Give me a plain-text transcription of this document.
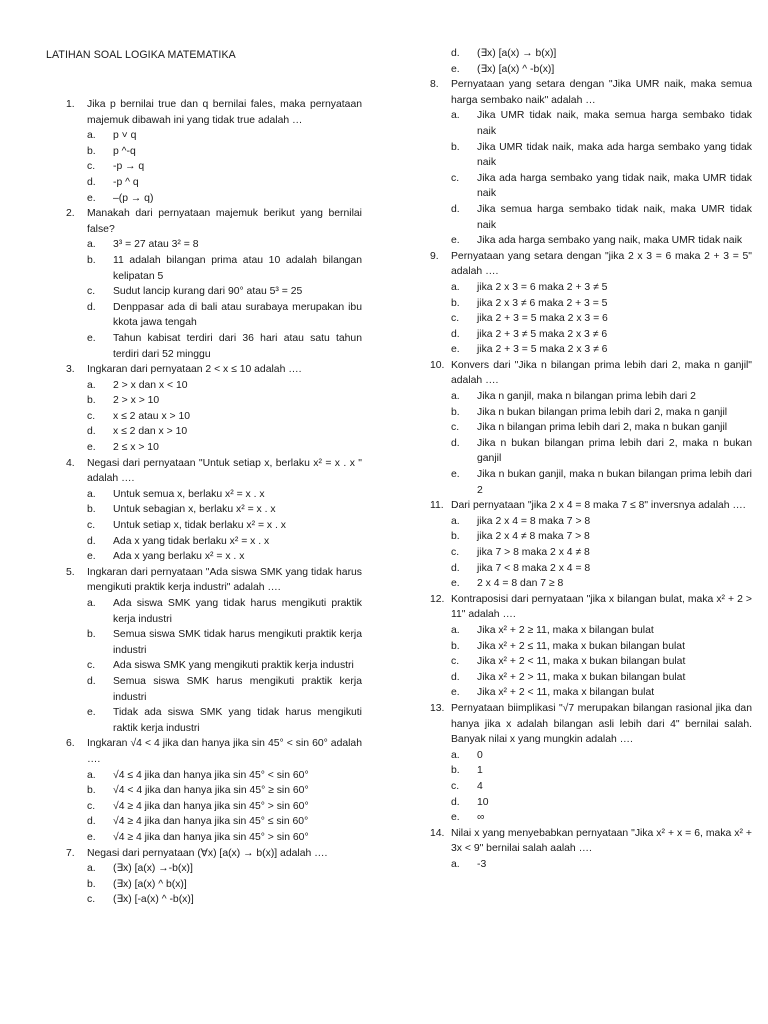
LATIHAN SOAL LOGIKA MATEMATIKA
1. Jika p bernilai true dan q bernilai fales, maka pernyataan majemuk dibawah ini yang tidak true adalah …
a. p ˅ q
b. p ^-q
c. -p → q
d. -p ^ q
e. –(p → q)
2. Manakah dari pernyataan majemuk berikut yang bernilai false?
a. 3³ = 27 atau 3² = 8
b. 11 adalah bilangan prima atau 10 adalah bilangan kelipatan 5
c. Sudut lancip kurang dari 90° atau 5³ = 25
d. Denppasar ada di bali atau surabaya merupakan ibu kkota jawa tengah
e. Tahun kabisat terdiri dari 36 hari atau satu tahun terdiri dari 52 minggu
3. Ingkaran dari pernyataan 2 < x ≤ 10 adalah ….
a. 2 > x dan x < 10
b. 2 > x > 10
c. x ≤ 2 atau x > 10
d. x ≤ 2 dan x > 10
e. 2 ≤ x > 10
4. Negasi dari pernyataan "Untuk setiap x, berlaku x² = x . x " adalah ….
a. Untuk semua x, berlaku x² = x . x
b. Untuk sebagian x, berlaku x² = x . x
c. Untuk setiap x, tidak berlaku x² = x . x
d. Ada x yang tidak berlaku x² = x . x
e. Ada x yang berlaku x² = x . x
5. Ingkaran dari pernyataan "Ada siswa SMK yang tidak harus mengikuti praktik kerja industri" adalah ….
a. Ada siswa SMK yang tidak harus mengikuti praktik kerja industri
b. Semua siswa SMK tidak harus mengikuti praktik kerja industri
c. Ada siswa SMK yang mengikuti praktik kerja industri
d. Semua siswa SMK harus mengikuti praktik kerja industri
e. Tidak ada siswa SMK yang tidak harus mengikuti raktik kerja industri
6. Ingkaran √4 < 4 jika dan hanya jika sin 45° < sin 60° adalah ….
a. √4 ≤ 4 jika dan hanya jika sin 45° < sin 60°
b. √4 < 4 jika dan hanya jika sin 45° ≥ sin 60°
c. √4 ≥ 4 jika dan hanya jika sin 45° > sin 60°
d. √4 ≥ 4 jika dan hanya jika sin 45° ≤ sin 60°
e. √4 ≥ 4 jika dan hanya jika sin 45° > sin 60°
7. Negasi dari pernyataan (∀x) [a(x) → b(x)] adalah ….
a. (∃x) [a(x) →-b(x)]
b. (∃x) [a(x) ^ b(x)]
c. (∃x) [-a(x) ^ -b(x)]
d. (∃x) [a(x) → b(x)]
e. (∃x) [a(x) ^ -b(x)]
8. Pernyataan yang setara dengan "Jika UMR naik, maka semua harga sembako naik" adalah …
a. Jika UMR tidak naik, maka semua harga sembako tidak naik
b. Jika UMR tidak naik, maka ada harga sembako yang tidak naik
c. Jika ada harga sembako yang tidak naik, maka UMR tidak naik
d. Jika semua harga sembako tidak naik, maka UMR tidak naik
e. Jika ada harga sembako yang naik, maka UMR tidak naik
9. Pernyataan yang setara dengan "jika 2 x 3 = 6 maka 2 + 3 = 5" adalah ….
a. jika 2 x 3 = 6 maka 2 + 3 ≠ 5
b. jika 2 x 3 ≠ 6 maka 2 + 3 = 5
c. jika 2 + 3 = 5 maka 2 x 3 = 6
d. jika 2 + 3 ≠ 5 maka 2 x 3 ≠ 6
e. jika 2 + 3 = 5 maka 2 x 3 ≠ 6
10. Konvers dari "Jika n bilangan prima lebih dari 2, maka n ganjil" adalah ….
a. Jika n ganjil, maka n bilangan prima lebih dari 2
b. Jika n bukan bilangan prima lebih dari 2, maka n ganjil
c. Jika n bilangan prima lebih dari 2, maka n bukan ganjil
d. Jika n bukan bilangan prima lebih dari 2, maka n bukan ganjil
e. Jika n bukan ganjil, maka n bukan bilangan prima lebih dari 2
11. Dari pernyataan "jika 2 x 4 = 8 maka 7 ≤ 8" inversnya adalah ….
a. jika 2 x 4 = 8 maka 7 > 8
b. jika 2 x 4 ≠ 8 maka 7 > 8
c. jika 7 > 8 maka 2 x 4 ≠ 8
d. jika 7 < 8 maka 2 x 4 = 8
e. 2 x 4 = 8 dan 7 ≥ 8
12. Kontraposisi dari pernyataan "jika x bilangan bulat, maka x² + 2 > 11" adalah ….
a. Jika x² + 2 ≥ 11, maka x bilangan bulat
b. Jika x² + 2 ≤ 11, maka x bukan bilangan bulat
c. Jika x² + 2 < 11, maka x bukan bilangan bulat
d. Jika x² + 2 > 11, maka x bukan bilangan bulat
e. Jika x² + 2 < 11, maka x bilangan bulat
13. Pernyataan biimplikasi "√7 merupakan bilangan rasional jika dan hanya jika x adalah bilangan asli lebih dari 4" bernilai salah. Banyak nilai x yang mungkin adalah ….
a. 0
b. 1
c. 4
d. 10
e. ∞
14. Nilai x yang menyebabkan pernyataan "Jika x² + x = 6, maka x² + 3x < 9" bernilai salah aalah ….
a. -3
